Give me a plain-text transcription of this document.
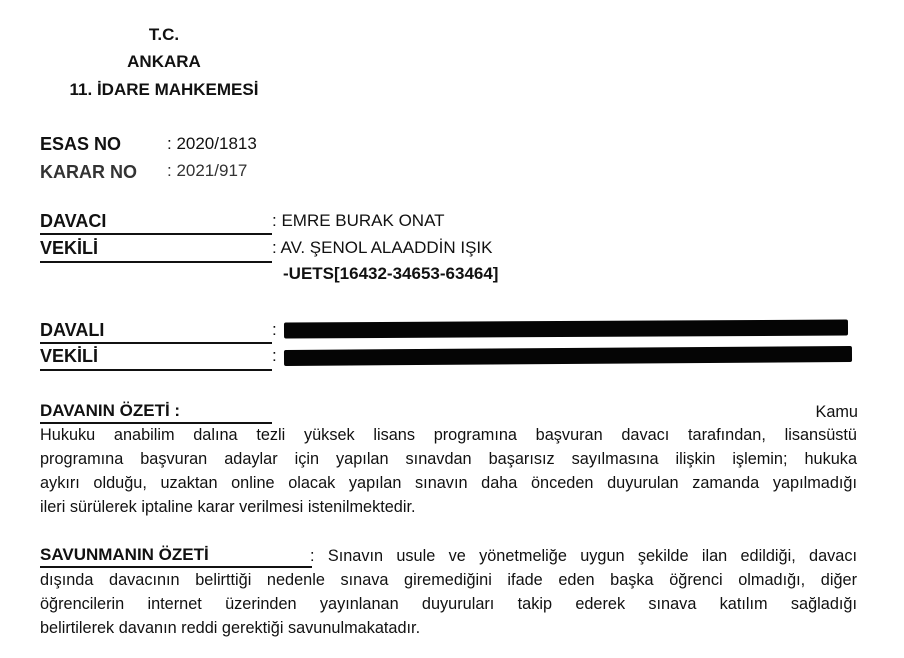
T.C.
ANKARA
11. İDARE MAHKEMESİ
ESAS NO	: 2020/1813
KARAR NO : 2021/917
DAVACI	: EMRE BURAK ONAT
VEKİLİ	: AV. ŞENOL ALAADDİN IŞIK
-UETS[16432-34653-63464]
DAVALI	:
VEKİLİ	:
DAVANIN ÖZETİ :	Kamu
Hukuku anabilim dalına tezli yüksek lisans programına başvuran davacı tarafından, lisansüstü
programına başvuran adaylar için yapılan sınavdan başarısız sayılmasına ilişkin işlemin; hukuka
aykırı olduğu, uzaktan online olacak yapılan sınavın daha önceden duyurulan zamanda yapılmadığı
ileri sürülerek iptaline karar verilmesi istenilmektedir.
SAVUNMANIN ÖZETİ	: Sınavın usule ve yönetmeliğe uygun şekilde ilan edildiği, davacı
dışında davacının belirttiği nedenle sınava giremediğini ifade eden başka öğrenci olmadığı, diğer
öğrencilerin internet üzerinden yayınlanan duyuruları takip ederek sınava katılım sağladığı
belirtilerek davanın reddi gerektiği savunulmakatadır.
